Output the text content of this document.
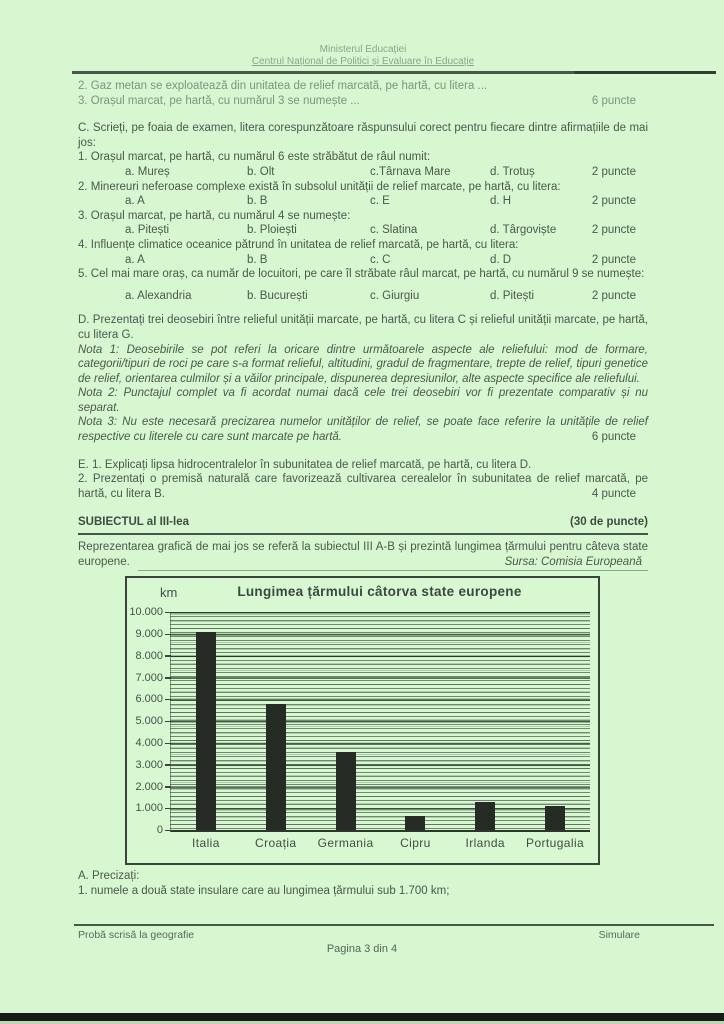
Ministerul Educației
Centrul Național de Politici și Evaluare în Educație
2. Gaz metan se exploatează din unitatea de relief marcată, pe hartă, cu litera ...
3. Orașul marcat, pe hartă, cu numărul 3 se numește ...	6 puncte
C. Scrieți, pe foaia de examen, litera corespunzătoare răspunsului corect pentru fiecare dintre afirmațiile de mai jos:
1. Orașul marcat, pe hartă, cu numărul 6 este străbătut de râul numit:
a. Mureș	b. Olt	c.Târnava Mare	d. Trotuș	2 puncte
2. Minereuri neferoase complexe există în subsolul unității de relief marcate, pe hartă, cu litera:
a. A	b. B	c. E	d. H	2 puncte
3. Orașul marcat, pe hartă, cu numărul 4 se numește:
a. Pitești	b. Ploiești	c. Slatina	d. Târgoviște	2 puncte
4. Influențe climatice oceanice pătrund în unitatea de relief marcată, pe hartă, cu litera:
a. A	b. B	c. C	d. D	2 puncte
5. Cel mai mare oraș, ca număr de locuitori, pe care îl străbate râul marcat, pe hartă, cu numărul 9 se numește:
a. Alexandria	b. București	c. Giurgiu	d. Pitești	2 puncte
D. Prezentați trei deosebiri între relieful unității marcate, pe hartă, cu litera C și relieful unității marcate, pe hartă, cu litera G.
Nota 1: Deosebirile se pot referi la oricare dintre următoarele aspecte ale reliefului: mod de formare, categorii/tipuri de roci pe care s-a format relieful, altitudini, gradul de fragmentare, trepte de relief, tipuri genetice de relief, orientarea culmilor și a văilor principale, dispunerea depresiunilor, alte aspecte specifice ale reliefului.
Nota 2: Punctajul complet va fi acordat numai dacă cele trei deosebiri vor fi prezentate comparativ și nu separat.
Nota 3: Nu este necesară precizarea numelor unităților de relief, se poate face referire la unitățile de relief respective cu literele cu care sunt marcate pe hartă.	6 puncte
E. 1. Explicați lipsa hidrocentralelor în subunitatea de relief marcată, pe hartă, cu litera D.
2. Prezentați o premisă naturală care favorizează cultivarea cerealelor în subunitatea de relief marcată, pe hartă, cu litera B.	4 puncte
SUBIECTUL al III-lea	(30 de puncte)
Reprezentarea grafică de mai jos se referă la subiectul III A-B și prezintă lungimea țărmului pentru câteva state europene.	Sursa: Comisia Europeană
Lungimea țărmului câtorva state europene
km
10.000
9.000
8.000
7.000
6.000
5.000
4.000
3.000
2.000
1.000
0
Italia	Croația	Germania	Cipru	Irlanda	Portugalia
A. Precizați:
1. numele a două state insulare care au lungimea țărmului sub 1.700 km;
Probă scrisă la geografie	Simulare
Pagina 3 din 4
